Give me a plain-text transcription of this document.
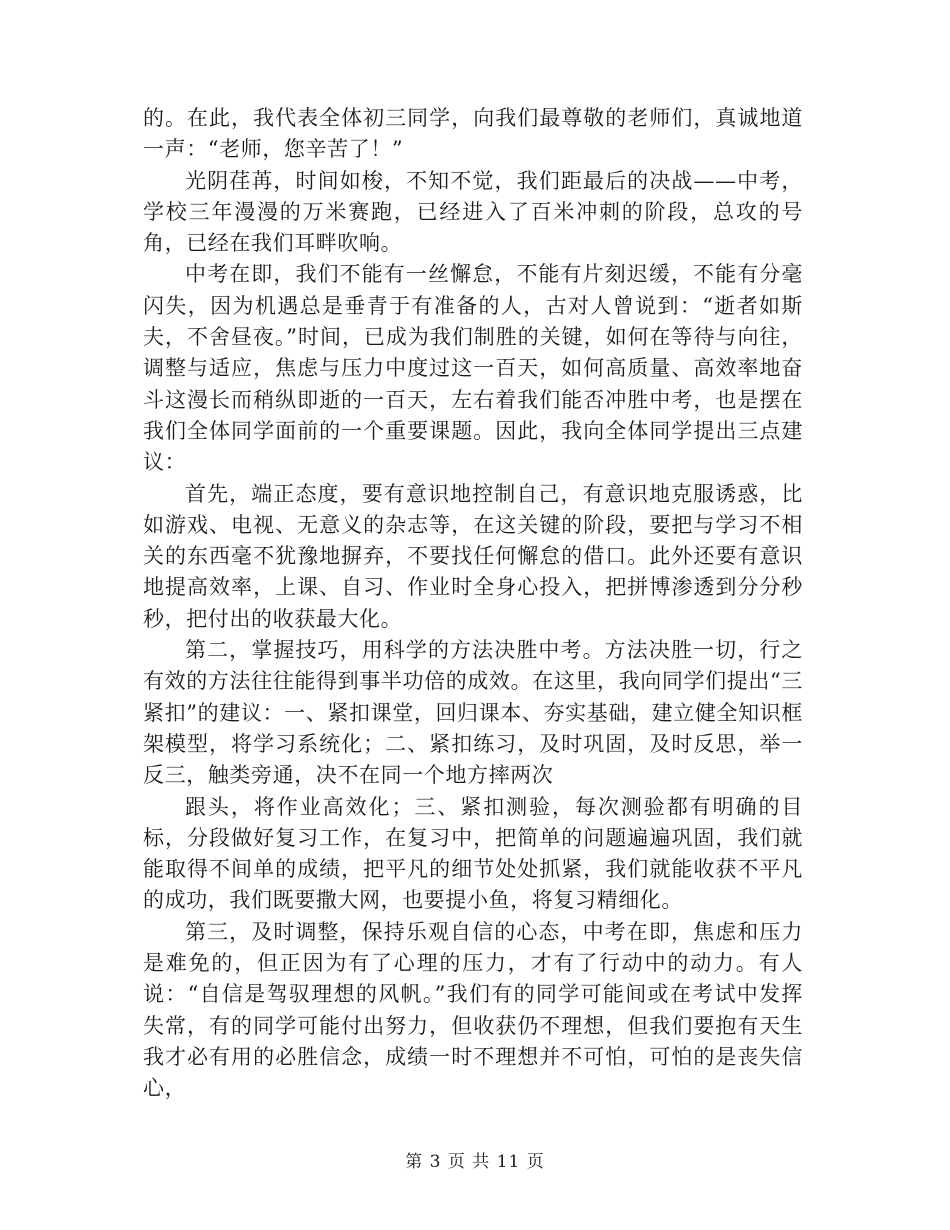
的。在此，我代表全体初三同学，向我们最尊敬的老师们，真诚地道一声：“老师，您辛苦了！”

光阴荏苒，时间如梭，不知不觉，我们距最后的决战——中考，学校三年漫漫的万米赛跑，已经进入了百米冲刺的阶段，总攻的号角，已经在我们耳畔吹响。

中考在即，我们不能有一丝懈怠，不能有片刻迟缓，不能有分毫闪失，因为机遇总是垂青于有准备的人，古对人曾说到：“逝者如斯夫，不舍昼夜。”时间，已成为我们制胜的关键，如何在等待与向往，调整与适应，焦虑与压力中度过这一百天，如何高质量、高效率地奋斗这漫长而稍纵即逝的一百天，左右着我们能否冲胜中考，也是摆在我们全体同学面前的一个重要课题。因此，我向全体同学提出三点建议：

首先，端正态度，要有意识地控制自己，有意识地克服诱惑，比如游戏、电视、无意义的杂志等，在这关键的阶段，要把与学习不相关的东西毫不犹豫地摒弃，不要找任何懈怠的借口。此外还要有意识地提高效率，上课、自习、作业时全身心投入，把拼博渗透到分分秒秒，把付出的收获最大化。

第二，掌握技巧，用科学的方法决胜中考。方法决胜一切，行之有效的方法往往能得到事半功倍的成效。在这里，我向同学们提出“三紧扣”的建议：一、紧扣课堂，回归课本、夯实基础，建立健全知识框架模型，将学习系统化；二、紧扣练习，及时巩固，及时反思，举一反三，触类旁通，决不在同一个地方摔两次

跟头，将作业高效化；三、紧扣测验，每次测验都有明确的目标，分段做好复习工作，在复习中，把简单的问题遍遍巩固，我们就能取得不间单的成绩，把平凡的细节处处抓紧，我们就能收获不平凡的成功，我们既要撒大网，也要提小鱼，将复习精细化。

第三，及时调整，保持乐观自信的心态，中考在即，焦虑和压力是难免的，但正因为有了心理的压力，才有了行动中的动力。有人说：“自信是驾驭理想的风帆。”我们有的同学可能间或在考试中发挥失常，有的同学可能付出努力，但收获仍不理想，但我们要抱有天生我才必有用的必胜信念，成绩一时不理想并不可怕，可怕的是丧失信心，

第 3 页 共 11 页
